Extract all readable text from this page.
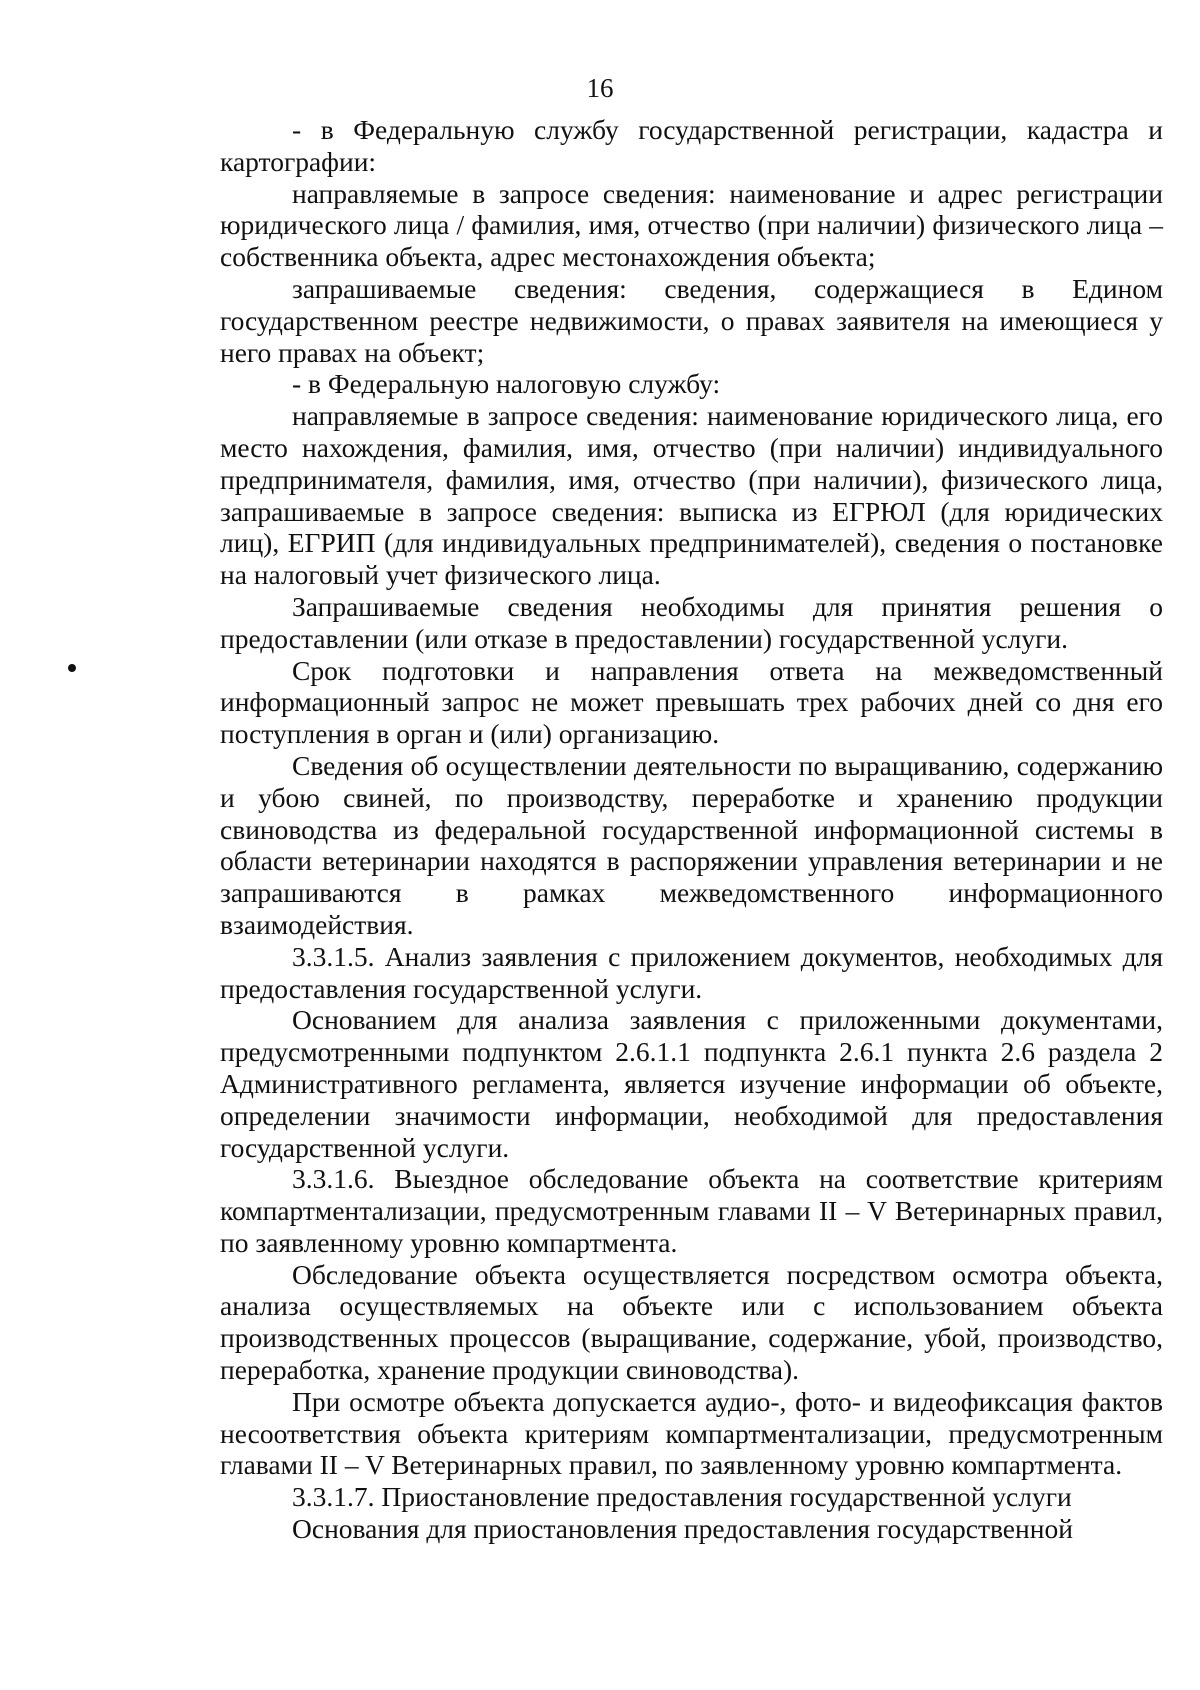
16

- в Федеральную службу государственной регистрации, кадастра и картографии:

направляемые в запросе сведения: наименование и адрес регистрации юридического лица / фамилия, имя, отчество (при наличии) физического лица – собственника объекта, адрес местонахождения объекта;

запрашиваемые сведения: сведения, содержащиеся в Едином государственном реестре недвижимости, о правах заявителя на имеющиеся у него правах на объект;

- в Федеральную налоговую службу:

направляемые в запросе сведения: наименование юридического лица, его место нахождения, фамилия, имя, отчество (при наличии) индивидуального предпринимателя, фамилия, имя, отчество (при наличии), физического лица, запрашиваемые в запросе сведения: выписка из ЕГРЮЛ (для юридических лиц), ЕГРИП (для индивидуальных предпринимателей), сведения о постановке на налоговый учет физического лица.

Запрашиваемые сведения необходимы для принятия решения о предоставлении (или отказе в предоставлении) государственной услуги.

Срок подготовки и направления ответа на межведомственный информационный запрос не может превышать трех рабочих дней со дня его поступления в орган и (или) организацию.

Сведения об осуществлении деятельности по выращиванию, содержанию и убою свиней, по производству, переработке и хранению продукции свиноводства из федеральной государственной информационной системы в области ветеринарии находятся в распоряжении управления ветеринарии и не запрашиваются в рамках межведомственного информационного взаимодействия.

3.3.1.5. Анализ заявления с приложением документов, необходимых для предоставления государственной услуги.

Основанием для анализа заявления с приложенными документами, предусмотренными подпунктом 2.6.1.1 подпункта 2.6.1 пункта 2.6 раздела 2 Административного регламента, является изучение информации об объекте, определении значимости информации, необходимой для предоставления государственной услуги.

3.3.1.6. Выездное обследование объекта на соответствие критериям компартментализации, предусмотренным главами II – V Ветеринарных правил, по заявленному уровню компартмента.

Обследование объекта осуществляется посредством осмотра объекта, анализа осуществляемых на объекте или с использованием объекта производственных процессов (выращивание, содержание, убой, производство, переработка, хранение продукции свиноводства).

При осмотре объекта допускается аудио-, фото- и видеофиксация фактов несоответствия объекта критериям компартментализации, предусмотренным главами II – V Ветеринарных правил, по заявленному уровню компартмента.

3.3.1.7. Приостановление предоставления государственной услуги

Основания для приостановления предоставления государственной
